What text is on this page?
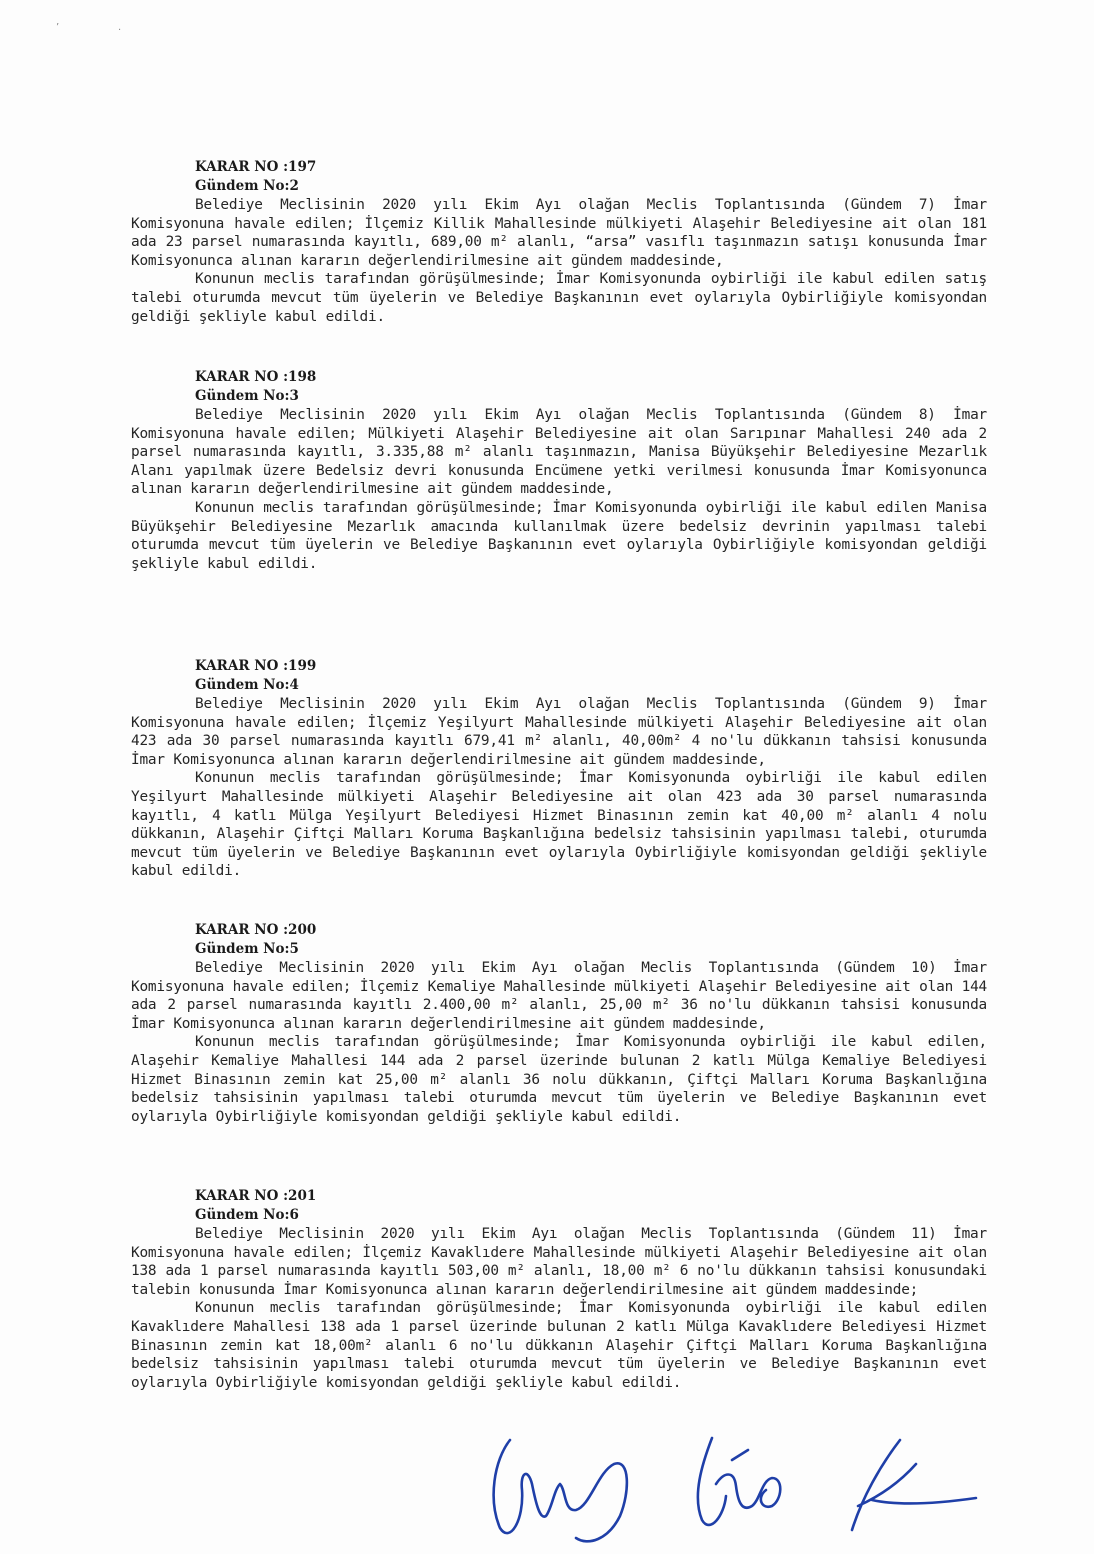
’	·
KARAR NO :197
Gündem No:2

Belediye Meclisinin 2020 yılı Ekim Ayı olağan Meclis Toplantısında (Gündem 7) İmar Komisyonuna havale edilen; İlçemiz Killik Mahallesinde mülkiyeti Alaşehir Belediyesine ait olan 181 ada 23 parsel numarasında kayıtlı, 689,00 m² alanlı, “arsa” vasıflı taşınmazın satışı konusunda İmar Komisyonunca alınan kararın değerlendirilmesine ait gündem maddesinde,

Konunun meclis tarafından görüşülmesinde; İmar Komisyonunda oybirliği ile kabul edilen satış talebi oturumda mevcut tüm üyelerin ve Belediye Başkanının evet oylarıyla Oybirliğiyle komisyondan geldiği şekliyle kabul edildi.

KARAR NO :198
Gündem No:3

Belediye Meclisinin 2020 yılı Ekim Ayı olağan Meclis Toplantısında (Gündem 8) İmar Komisyonuna havale edilen; Mülkiyeti Alaşehir Belediyesine ait olan Sarıpınar Mahallesi 240 ada 2 parsel numarasında kayıtlı, 3.335,88 m² alanlı taşınmazın, Manisa Büyükşehir Belediyesine Mezarlık Alanı yapılmak üzere Bedelsiz devri konusunda Encümene yetki verilmesi konusunda İmar Komisyonunca alınan kararın değerlendirilmesine ait gündem maddesinde,

Konunun meclis tarafından görüşülmesinde; İmar Komisyonunda oybirliği ile kabul edilen Manisa Büyükşehir Belediyesine Mezarlık amacında kullanılmak üzere bedelsiz devrinin yapılması talebi oturumda mevcut tüm üyelerin ve Belediye Başkanının evet oylarıyla Oybirliğiyle komisyondan geldiği şekliyle kabul edildi.

KARAR NO :199
Gündem No:4

Belediye Meclisinin 2020 yılı Ekim Ayı olağan Meclis Toplantısında (Gündem 9) İmar Komisyonuna havale edilen; İlçemiz Yeşilyurt Mahallesinde mülkiyeti Alaşehir Belediyesine ait olan 423 ada 30 parsel numarasında kayıtlı 679,41 m² alanlı, 40,00m² 4 no'lu dükkanın tahsisi konusunda İmar Komisyonunca alınan kararın değerlendirilmesine ait gündem maddesinde,

Konunun meclis tarafından görüşülmesinde; İmar Komisyonunda oybirliği ile kabul edilen Yeşilyurt Mahallesinde mülkiyeti Alaşehir Belediyesine ait olan 423 ada 30 parsel numarasında kayıtlı, 4 katlı Mülga Yeşilyurt Belediyesi Hizmet Binasının zemin kat 40,00 m² alanlı 4 nolu dükkanın, Alaşehir Çiftçi Malları Koruma Başkanlığına bedelsiz tahsisinin yapılması talebi, oturumda mevcut tüm üyelerin ve Belediye Başkanının evet oylarıyla Oybirliğiyle komisyondan geldiği şekliyle kabul edildi.

KARAR NO :200
Gündem No:5

Belediye Meclisinin 2020 yılı Ekim Ayı olağan Meclis Toplantısında (Gündem 10) İmar Komisyonuna havale edilen; İlçemiz Kemaliye Mahallesinde mülkiyeti Alaşehir Belediyesine ait olan 144 ada 2 parsel numarasında kayıtlı 2.400,00 m² alanlı, 25,00 m² 36 no'lu dükkanın tahsisi konusunda İmar Komisyonunca alınan kararın değerlendirilmesine ait gündem maddesinde,

Konunun meclis tarafından görüşülmesinde; İmar Komisyonunda oybirliği ile kabul edilen, Alaşehir Kemaliye Mahallesi 144 ada 2 parsel üzerinde bulunan 2 katlı Mülga Kemaliye Belediyesi Hizmet Binasının zemin kat 25,00 m² alanlı 36 nolu dükkanın, Çiftçi Malları Koruma Başkanlığına bedelsiz tahsisinin yapılması talebi oturumda mevcut tüm üyelerin ve Belediye Başkanının evet oylarıyla Oybirliğiyle komisyondan geldiği şekliyle kabul edildi.

KARAR NO :201
Gündem No:6

Belediye Meclisinin 2020 yılı Ekim Ayı olağan Meclis Toplantısında (Gündem 11) İmar Komisyonuna havale edilen; İlçemiz Kavaklıdere Mahallesinde mülkiyeti Alaşehir Belediyesine ait olan 138 ada 1 parsel numarasında kayıtlı 503,00 m² alanlı, 18,00 m² 6 no'lu dükkanın tahsisi konusundaki talebin konusunda İmar Komisyonunca alınan kararın değerlendirilmesine ait gündem maddesinde;

Konunun meclis tarafından görüşülmesinde; İmar Komisyonunda oybirliği ile kabul edilen Kavaklıdere Mahallesi 138 ada 1 parsel üzerinde bulunan 2 katlı Mülga Kavaklıdere Belediyesi Hizmet Binasının zemin kat 18,00m² alanlı 6 no'lu dükkanın Alaşehir Çiftçi Malları Koruma Başkanlığına bedelsiz tahsisinin yapılması talebi oturumda mevcut tüm üyelerin ve Belediye Başkanının evet oylarıyla Oybirliğiyle komisyondan geldiği şekliyle kabul edildi.
